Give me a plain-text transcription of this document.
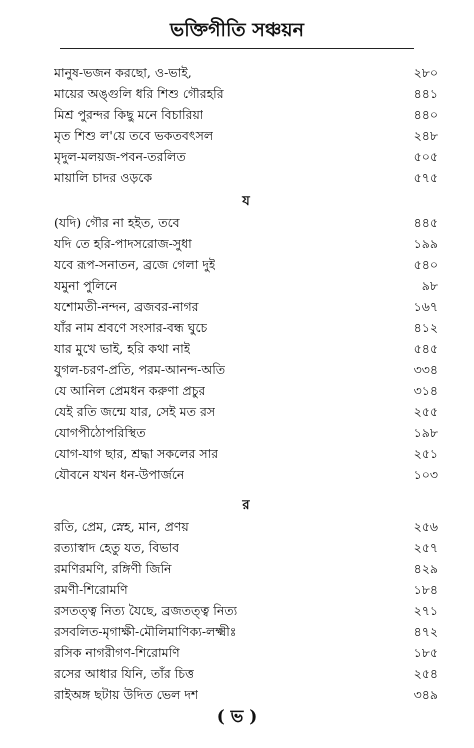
ভক্তিগীতি সঞ্চয়ন
মানুষ-ভজন করছো, ও-ভাই,	২৮০
মায়ের অঙ্গুলি ধরি শিশু গৌরহরি	৪৪১
মিশ্র পুরন্দর কিছু মনে বিচারিয়া	৪৪০
মৃত শিশু ল'য়ে তবে ভকতবৎসল	২৪৮
মৃদুল-মলয়জ-পবন-তরলিত	৫০৫
মায়ালি চাদর ওড়কে	৫৭৫
য
(যদি) গৌর না হইত, তবে	৪৪৫
যদি তে হরি-পাদসরোজ-সুধা	১৯৯
যবে রূপ-সনাতন, ব্রজে গেলা দুই	৫৪০
যমুনা পুলিনে	৯৮
যশোমতী-নন্দন, ব্রজবর-নাগর	১৬৭
যাঁর নাম শ্রবণে সংসার-বন্ধ ঘুচে	৪১২
যার মুখে ভাই, হরি কথা নাই	৫৪৫
যুগল-চরণ-প্রতি, পরম-আনন্দ-অতি	৩৩৪
যে আনিল প্রেমধন করুণা প্রচুর	৩১৪
যেই রতি জন্মে যার, সেই মত রস	২৫৫
যোগপীঠোপরিস্থিত	১৯৮
যোগ-যাগ ছার, শ্রদ্ধা সকলের সার	২৫১
যৌবনে যখন ধন-উপার্জনে	১০৩
র
রতি, প্রেম, স্নেহ, মান, প্রণয়	২৫৬
রত্যাস্বাদ হেতু যত, বিভাব	২৫৭
রমণিরমণি, রঙ্গিণী জিনি	৪২৯
রমণী-শিরোমণি	১৮৪
রসতত্ত্ব নিত্য যৈছে, ব্রজতত্ত্ব নিত্য	২৭১
রসবলিত-মৃগাক্ষী-মৌলিমাণিক্য-লক্ষ্মীঃ	৪৭২
রসিক নাগরীগণ-শিরোমণি	১৮৫
রসের আধার যিনি, তাঁর চিত্ত	২৫৪
রাইঅঙ্গ ছটায় উদিত ভেল দশ	৩৪৯
( ভ )
